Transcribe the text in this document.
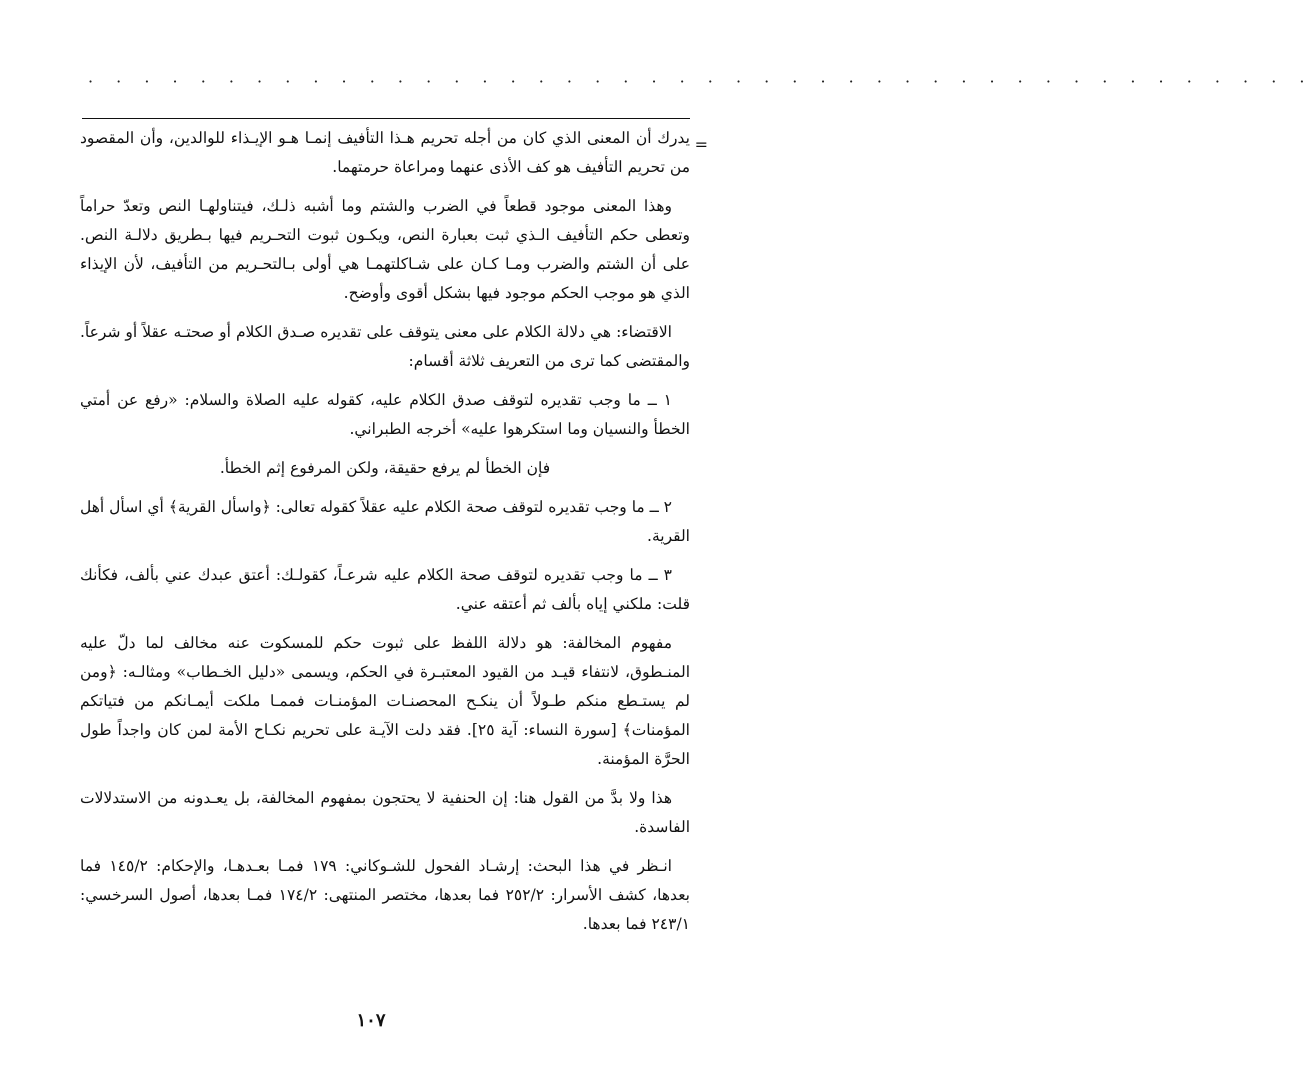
· · · · · · · · · · · · · · · · · · · · · · · · · · · · · · · · · · · · · · · · · · · ·
=

يدرك أن المعنى الذي كان من أجله تحريم هـذا التأفيف إنمـا هـو الإيـذاء للوالدين، وأن المقصود من تحريم التأفيف هو كف الأذى عنهما ومراعاة حرمتهما.

وهذا المعنى موجود قطعاً في الضرب والشتم وما أشبه ذلـك، فيتناولهـا النص وتعدّ حراماً وتعطى حكم التأفيف الـذي ثبت بعبارة النص، ويكـون ثبوت التحـريم فيها بـطريق دلالـة النص. على أن الشتم والضرب ومـا كـان على شـاكلتهمـا هي أولى بـالتحـريم من التأفيف، لأن الإيذاء الذي هو موجب الحكم موجود فيها بشكل أقوى وأوضح.

الاقتضاء: هي دلالة الكلام على معنى يتوقف على تقديره صـدق الكلام أو صحتـه عقلاً أو شرعاً. والمقتضى كما ترى من التعريف ثلاثة أقسام:

١ ــ ما وجب تقديره لتوقف صدق الكلام عليه، كقوله عليه الصلاة والسلام: «رفع عن أمتي الخطأ والنسيان وما استكرهوا عليه» أخرجه الطبراني.

فإن الخطأ لم يرفع حقيقة، ولكن المرفوع إثم الخطأ.

٢ ــ ما وجب تقديره لتوقف صحة الكلام عليه عقلاً كقوله تعالى: ﴿واسأل القرية﴾ أي اسأل أهل القرية.

٣ ــ ما وجب تقديره لتوقف صحة الكلام عليه شرعـاً، كقولـك: أعتق عبدك عني بألف، فكأنك قلت: ملكني إياه بألف ثم أعتقه عني.

مفهوم المخالفة: هو دلالة اللفظ على ثبوت حكم للمسكوت عنه مخالف لما دلّ عليه المنـطوق، لانتفاء قيـد من القيود المعتبـرة في الحكم، ويسمى «دليل الخـطاب» ومثالـه: ﴿ومن لم يستـطع منكم طـولاً أن ينكـح المحصنـات المؤمنـات فممـا ملكت أيمـانكم من فتياتكم المؤمنات﴾ [سورة النساء: آية ٢٥]. فقد دلت الآيـة على تحريم نكـاح الأمة لمن كان واجداً طول الحرَّة المؤمنة.

هذا ولا بدَّ من القول هنا: إن الحنفية لا يحتجون بمفهوم المخالفة، بل يعـدونه من الاستدلالات الفاسدة.

انـظر في هذا البحث: إرشـاد الفحول للشـوكاني: ١٧٩ فمـا بعـدهـا، والإحكام: ١٤٥/٢ فما بعدها، كشف الأسرار: ٢٥٢/٢ فما بعدها، مختصر المنتهى: ١٧٤/٢ فمـا بعدها، أصول السرخسي: ٢٤٣/١ فما بعدها.

١٠٧
